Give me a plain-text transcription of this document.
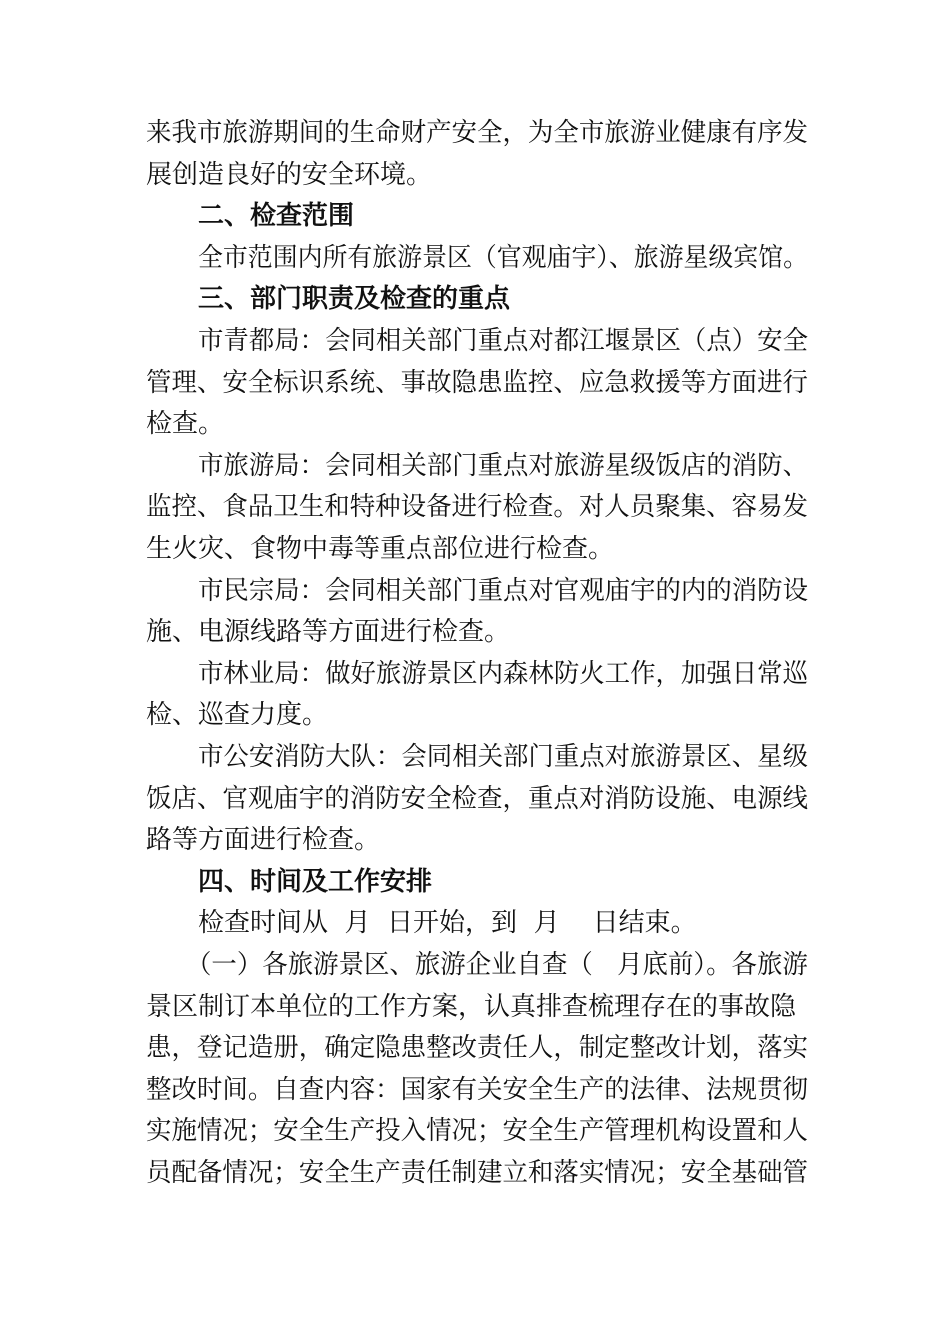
来我市旅游期间的生命财产安全，为全市旅游业健康有序发
展创造良好的安全环境。
二、检查范围
全市范围内所有旅游景区（官观庙宇）、旅游星级宾馆。
三、部门职责及检查的重点
市青都局：会同相关部门重点对都江堰景区（点）安全
管理、安全标识系统、事故隐患监控、应急救援等方面进行
检查。
市旅游局：会同相关部门重点对旅游星级饭店的消防、
监控、食品卫生和特种设备进行检查。对人员聚集、容易发
生火灾、食物中毒等重点部位进行检查。
市民宗局：会同相关部门重点对官观庙宇的内的消防设
施、电源线路等方面进行检查。
市林业局：做好旅游景区内森林防火工作，加强日常巡
检、巡查力度。
市公安消防大队：会同相关部门重点对旅游景区、星级
饭店、官观庙宇的消防安全检查，重点对消防设施、电源线
路等方面进行检查。
四、时间及工作安排
检查时间从  月  日开始，到  月    日结束。
（一）各旅游景区、旅游企业自查（   月底前）。各旅游
景区制订本单位的工作方案，认真排查梳理存在的事故隐
患，登记造册，确定隐患整改责任人，制定整改计划，落实
整改时间。自查内容：国家有关安全生产的法律、法规贯彻
实施情况；安全生产投入情况；安全生产管理机构设置和人
员配备情况；安全生产责任制建立和落实情况；安全基础管
